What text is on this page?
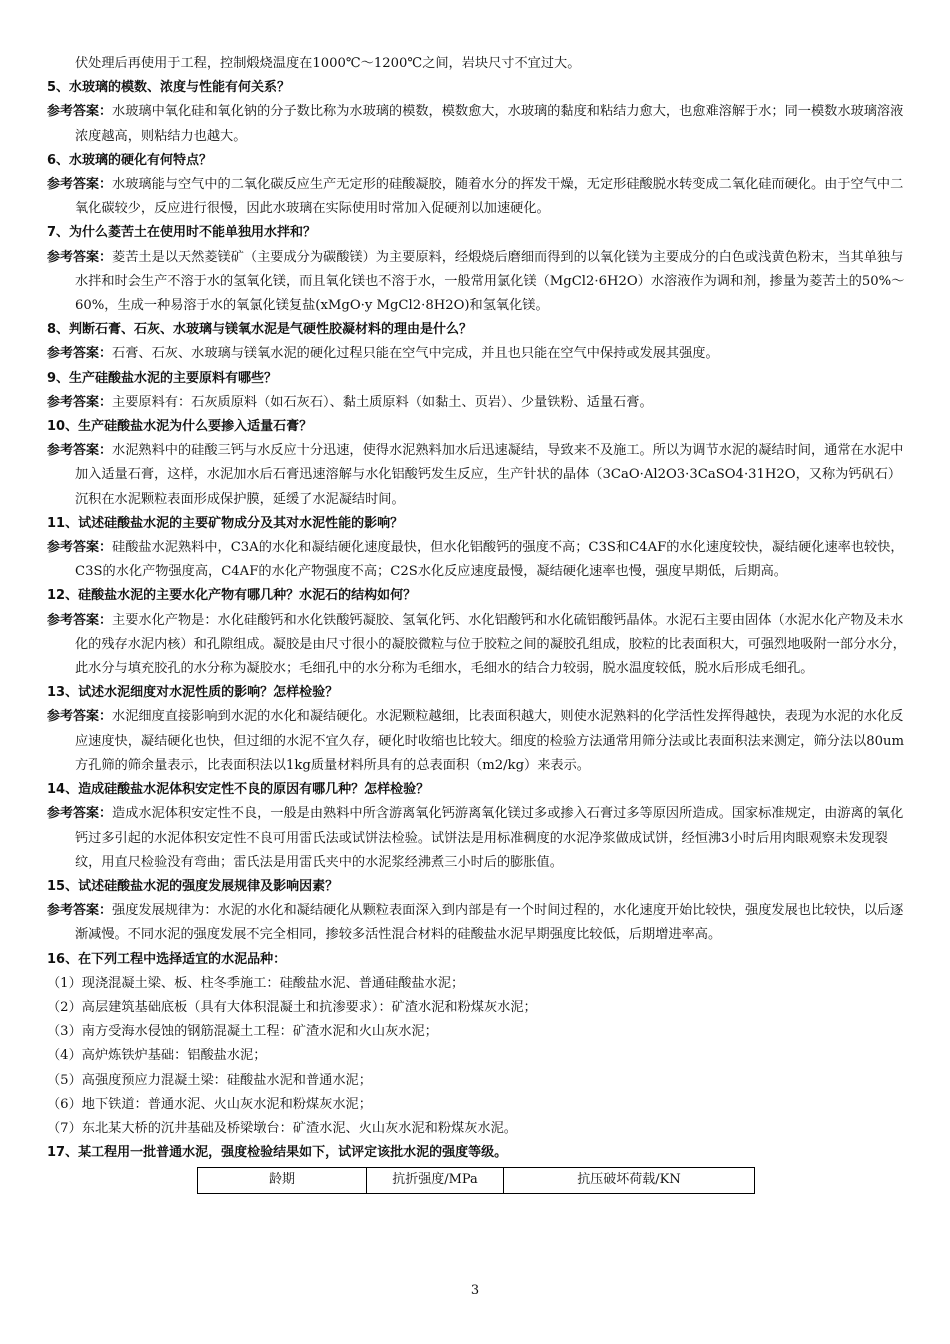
伏处理后再使用于工程，控制煅烧温度在1000℃～1200℃之间，岩块尺寸不宜过大。
5、水玻璃的模数、浓度与性能有何关系？
参考答案：水玻璃中氧化硅和氧化钠的分子数比称为水玻璃的模数，模数愈大，水玻璃的黏度和粘结力愈大，也愈难溶解于水；同一模数水玻璃溶液浓度越高，则粘结力也越大。
6、水玻璃的硬化有何特点？
参考答案：水玻璃能与空气中的二氧化碳反应生产无定形的硅酸凝胶，随着水分的挥发干燥，无定形硅酸脱水转变成二氧化硅而硬化。由于空气中二氧化碳较少，反应进行很慢，因此水玻璃在实际使用时常加入促硬剂以加速硬化。
7、为什么菱苦土在使用时不能单独用水拌和？
参考答案：菱苦土是以天然菱镁矿（主要成分为碳酸镁）为主要原料，经煅烧后磨细而得到的以氧化镁为主要成分的白色或浅黄色粉末，当其单独与水拌和时会生产不溶于水的氢氧化镁，而且氧化镁也不溶于水，一般常用氯化镁（MgCl2·6H2O）水溶液作为调和剂，掺量为菱苦土的50%～60%，生成一种易溶于水的氧氯化镁复盐(xMgO·y MgCl2·8H2O)和氢氧化镁。
8、判断石膏、石灰、水玻璃与镁氧水泥是气硬性胶凝材料的理由是什么？
参考答案：石膏、石灰、水玻璃与镁氧水泥的硬化过程只能在空气中完成，并且也只能在空气中保持或发展其强度。
9、生产硅酸盐水泥的主要原料有哪些？
参考答案：主要原料有：石灰质原料（如石灰石）、黏土质原料（如黏土、页岩）、少量铁粉、适量石膏。
10、生产硅酸盐水泥为什么要掺入适量石膏？
参考答案：水泥熟料中的硅酸三钙与水反应十分迅速，使得水泥熟料加水后迅速凝结，导致来不及施工。所以为调节水泥的凝结时间，通常在水泥中加入适量石膏，这样，水泥加水后石膏迅速溶解与水化铝酸钙发生反应，生产针状的晶体（3CaO·Al2O3·3CaSO4·31H2O，又称为钙矾石）沉积在水泥颗粒表面形成保护膜，延缓了水泥凝结时间。
11、试述硅酸盐水泥的主要矿物成分及其对水泥性能的影响？
参考答案：硅酸盐水泥熟料中，C3A的水化和凝结硬化速度最快，但水化铝酸钙的强度不高；C3S和C4AF的水化速度较快，凝结硬化速率也较快，C3S的水化产物强度高，C4AF的水化产物强度不高；C2S水化反应速度最慢，凝结硬化速率也慢，强度早期低，后期高。
12、硅酸盐水泥的主要水化产物有哪几种？水泥石的结构如何？
参考答案：主要水化产物是：水化硅酸钙和水化铁酸钙凝胶、氢氧化钙、水化铝酸钙和水化硫铝酸钙晶体。水泥石主要由固体（水泥水化产物及未水化的残存水泥内核）和孔隙组成。凝胶是由尺寸很小的凝胶微粒与位于胶粒之间的凝胶孔组成，胶粒的比表面积大，可强烈地吸附一部分水分，此水分与填充胶孔的水分称为凝胶水；毛细孔中的水分称为毛细水，毛细水的结合力较弱，脱水温度较低，脱水后形成毛细孔。
13、试述水泥细度对水泥性质的影响？怎样检验？
参考答案：水泥细度直接影响到水泥的水化和凝结硬化。水泥颗粒越细，比表面积越大，则使水泥熟料的化学活性发挥得越快，表现为水泥的水化反应速度快，凝结硬化也快，但过细的水泥不宜久存，硬化时收缩也比较大。细度的检验方法通常用筛分法或比表面积法来测定，筛分法以80um方孔筛的筛余量表示，比表面积法以1kg质量材料所具有的总表面积（m2/kg）来表示。
14、造成硅酸盐水泥体积安定性不良的原因有哪几种？怎样检验？
参考答案：造成水泥体积安定性不良，一般是由熟料中所含游离氧化钙游离氧化镁过多或掺入石膏过多等原因所造成。国家标准规定，由游离的氧化钙过多引起的水泥体积安定性不良可用雷氏法或试饼法检验。试饼法是用标准稠度的水泥净浆做成试饼，经恒沸3小时后用肉眼观察未发现裂纹，用直尺检验没有弯曲；雷氏法是用雷氏夹中的水泥浆经沸煮三小时后的膨胀值。
15、试述硅酸盐水泥的强度发展规律及影响因素？
参考答案：强度发展规律为：水泥的水化和凝结硬化从颗粒表面深入到内部是有一个时间过程的，水化速度开始比较快，强度发展也比较快，以后逐渐减慢。不同水泥的强度发展不完全相同，掺较多活性混合材料的硅酸盐水泥早期强度比较低，后期增进率高。
16、在下列工程中选择适宜的水泥品种：
（1）现浇混凝土梁、板、柱冬季施工：硅酸盐水泥、普通硅酸盐水泥；
（2）高层建筑基础底板（具有大体积混凝土和抗渗要求）：矿渣水泥和粉煤灰水泥；
（3）南方受海水侵蚀的钢筋混凝土工程：矿渣水泥和火山灰水泥；
（4）高炉炼铁炉基础：铝酸盐水泥；
（5）高强度预应力混凝土梁：硅酸盐水泥和普通水泥；
（6）地下铁道：普通水泥、火山灰水泥和粉煤灰水泥；
（7）东北某大桥的沉井基础及桥梁墩台：矿渣水泥、火山灰水泥和粉煤灰水泥。
17、某工程用一批普通水泥，强度检验结果如下，试评定该批水泥的强度等级。
龄期	抗折强度/MPa	抗压破坏荷载/KN
3
